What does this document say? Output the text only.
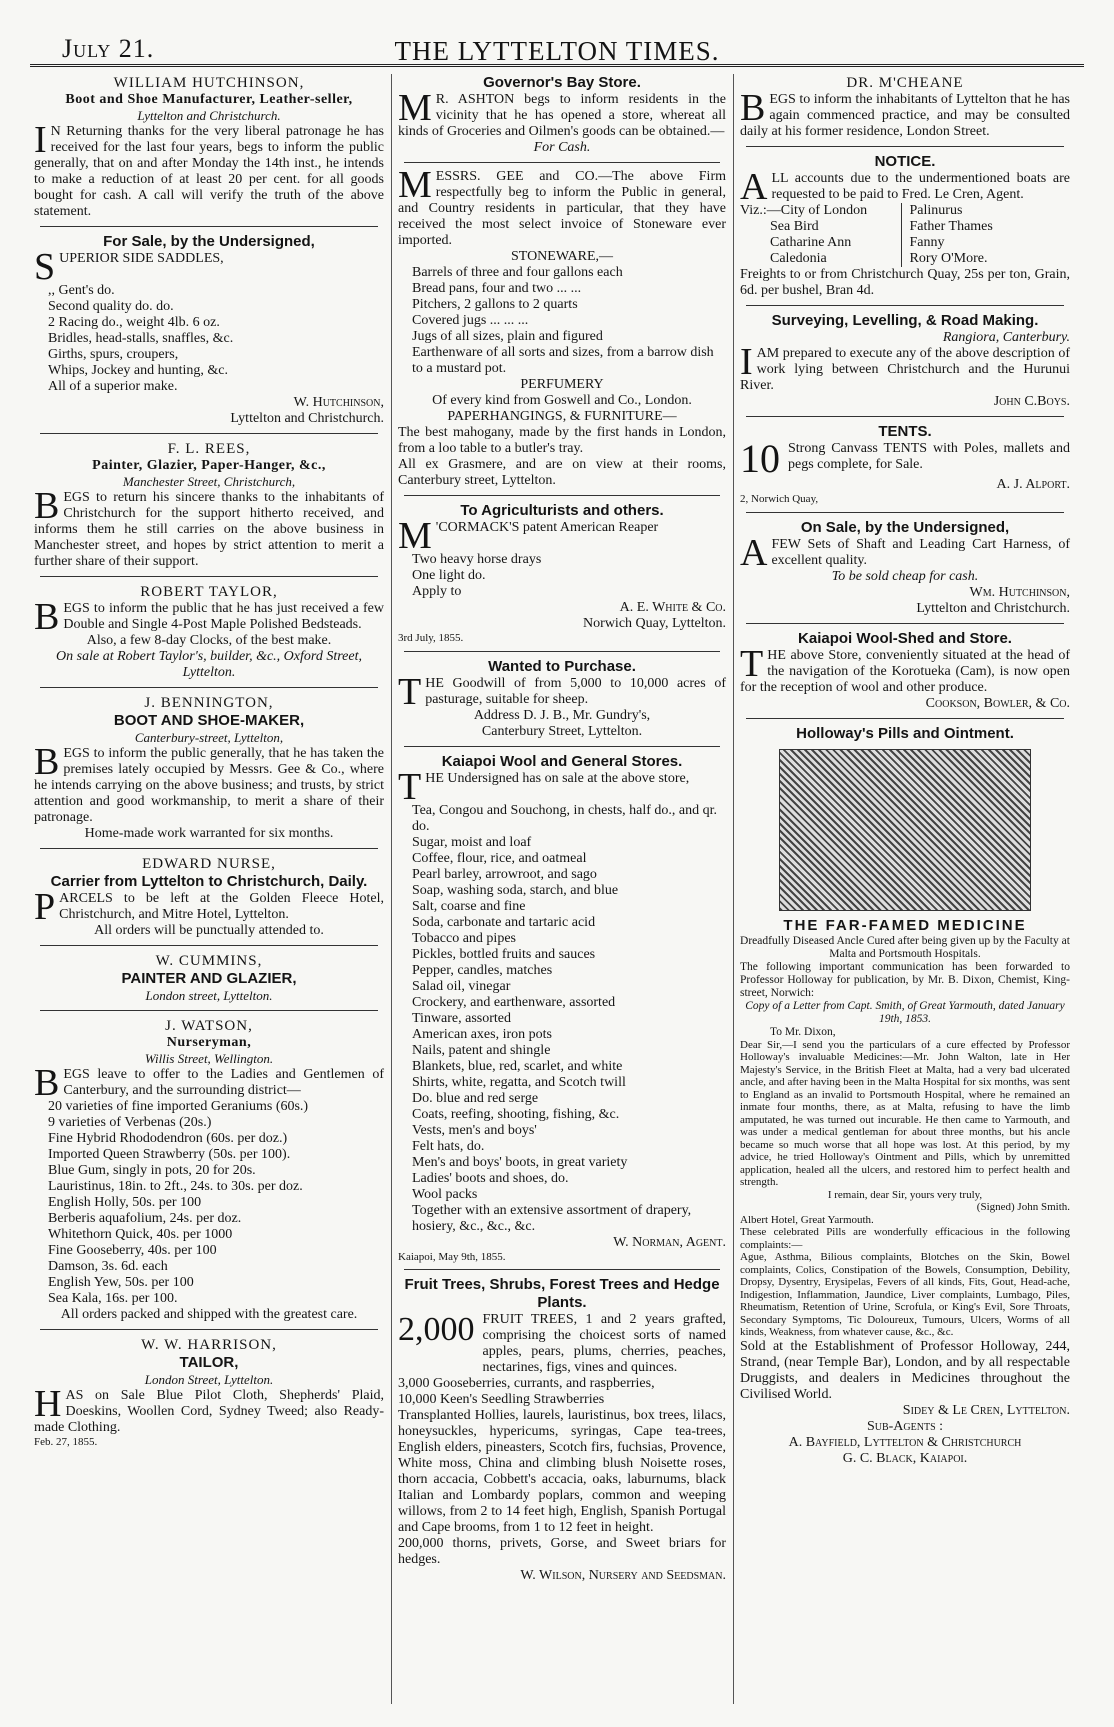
July 21.	THE LYTTELTON TIMES.
WILLIAM HUTCHINSON,
Boot and Shoe Manufacturer, Leather-seller,
Lyttelton and Christchurch.

I N Returning thanks for the very liberal patronage he has received for the last four years, begs to inform the public generally, that on and after Monday the 14th inst., he intends to make a reduction of at least 20 per cent. for all goods bought for cash. A call will verify the truth of the above statement.

For Sale, by the Undersigned,

SUPERIOR SIDE SADDLES,

,, Gent's do.
Second quality do. do.
2 Racing do., weight 4lb. 6 oz.
Bridles, head-stalls, snaffles, &c.
Girths, spurs, croupers,
Whips, Jockey and hunting, &c.
All of a superior make.
W. Hutchinson,
Lyttelton and Christchurch.
F. L. REES,
Painter, Glazier, Paper-Hanger, &c.,
Manchester Street, Christchurch,

BEGS to return his sincere thanks to the inhabitants of Christchurch for the support hitherto received, and informs them he still carries on the above business in Manchester street, and hopes by strict attention to merit a further share of their support.

ROBERT TAYLOR,

BEGS to inform the public that he has just received a few Double and Single 4-Post Maple Polished Bedsteads.

Also, a few 8-day Clocks, of the best make.
On sale at Robert Taylor's, builder, &c., Oxford Street, Lyttelton.
J. BENNINGTON,
BOOT AND SHOE-MAKER,
Canterbury-street, Lyttelton,

BEGS to inform the public generally, that he has taken the premises lately occupied by Messrs. Gee & Co., where he intends carrying on the above business; and trusts, by strict attention and good workmanship, to merit a share of their patronage.

Home-made work warranted for six months.
EDWARD NURSE,
Carrier from Lyttelton to Christchurch, Daily.

PARCELS to be left at the Golden Fleece Hotel, Christchurch, and Mitre Hotel, Lyttelton.

All orders will be punctually attended to.
W. CUMMINS,
PAINTER AND GLAZIER,
London street, Lyttelton.
J. WATSON,
Nurseryman,
Willis Street, Wellington.

BEGS leave to offer to the Ladies and Gentlemen of Canterbury, and the surrounding district—

20 varieties of fine imported Geraniums (60s.)
9 varieties of Verbenas (20s.)
Fine Hybrid Rhododendron (60s. per doz.)
Imported Queen Strawberry (50s. per 100).
Blue Gum, singly in pots, 20 for 20s.
Lauristinus, 18in. to 2ft., 24s. to 30s. per doz.
English Holly, 50s. per 100
Berberis aquafolium, 24s. per doz.
Whitethorn Quick, 40s. per 1000
Fine Gooseberry, 40s. per 100
Damson, 3s. 6d. each
English Yew, 50s. per 100
Sea Kala, 16s. per 100.
All orders packed and shipped with the greatest care.
W. W. HARRISON,
TAILOR,
London Street, Lyttelton.

HAS on Sale Blue Pilot Cloth, Shepherds' Plaid, Doeskins, Woollen Cord, Sydney Tweed; also Ready-made Clothing.

Feb. 27, 1855.
Governor's Bay Store.

M R. ASHTON begs to inform residents in the vicinity that he has opened a store, whereat all kinds of Groceries and Oilmen's goods can be obtained.—

For Cash.

MESSRS. GEE and CO.—The above Firm respectfully beg to inform the Public in general, and Country residents in particular, that they have received the most select invoice of Stoneware ever imported.

STONEWARE,—
Barrels of three and four gallons each
Bread pans, four and two ... ...
Pitchers, 2 gallons to 2 quarts
Covered jugs ... ... ...
Jugs of all sizes, plain and figured
Earthenware of all sorts and sizes, from a barrow dish to a mustard pot.
PERFUMERY
Of every kind from Goswell and Co., London.
PAPERHANGINGS, & FURNITURE—

The best mahogany, made by the first hands in London, from a loo table to a butler's tray.

All ex Grasmere, and are on view at their rooms, Canterbury street, Lyttelton.

To Agriculturists and others.

M 'CORMACK'S patent American Reaper

Two heavy horse drays
One light do.
Apply to
A. E. White & Co.
Norwich Quay, Lyttelton.
3rd July, 1855.
Wanted to Purchase.

THE Goodwill of from 5,000 to 10,000 acres of pasturage, suitable for sheep.

Address D. J. B., Mr. Gundry's,
Canterbury Street, Lyttelton.
Kaiapoi Wool and General Stores.

THE Undersigned has on sale at the above store,

Tea, Congou and Souchong, in chests, half do., and qr. do.
Sugar, moist and loaf
Coffee, flour, rice, and oatmeal
Pearl barley, arrowroot, and sago
Soap, washing soda, starch, and blue
Salt, coarse and fine
Soda, carbonate and tartaric acid
Tobacco and pipes
Pickles, bottled fruits and sauces
Pepper, candles, matches
Salad oil, vinegar
Crockery, and earthenware, assorted
Tinware, assorted
American axes, iron pots
Nails, patent and shingle
Blankets, blue, red, scarlet, and white
Shirts, white, regatta, and Scotch twill
Do. blue and red serge
Coats, reefing, shooting, fishing, &c.
Vests, men's and boys'
Felt hats, do.
Men's and boys' boots, in great variety
Ladies' boots and shoes, do.
Wool packs
Together with an extensive assortment of drapery, hosiery, &c., &c., &c.
W. Norman, Agent.
Kaiapoi, May 9th, 1855.
Fruit Trees, Shrubs, Forest Trees and Hedge Plants.
2,000 FRUIT TREES, 1 and 2 years grafted, comprising the choicest sorts of named apples, pears, plums, cherries, peaches, nectarines, figs, vines and quinces.

3,000 Gooseberries, currants, and raspberries,
10,000 Keen's Seedling Strawberries

Transplanted Hollies, laurels, lauristinus, box trees, lilacs, honeysuckles, hypericums, syringas, Cape tea-trees, English elders, pineasters, Scotch firs, fuchsias, Provence, White moss, China and climbing blush Noisette roses, thorn accacia, Cobbett's accacia, oaks, laburnums, black Italian and Lombardy poplars, common and weeping willows, from 2 to 14 feet high, English, Spanish Portugal and Cape brooms, from 1 to 12 feet in height.

200,000 thorns, privets, Gorse, and Sweet briars for hedges.

W. Wilson, Nursery and Seedsman.
DR. M'CHEANE

BEGS to inform the inhabitants of Lyttelton that he has again commenced practice, and may be consulted daily at his former residence, London Street.

NOTICE.

ALL accounts due to the undermentioned boats are requested to be paid to Fred. Le Cren, Agent.

Viz.:—City of London
Sea Bird
Catharine Ann
Caledonia
Palinurus
Father Thames
Fanny
Rory O'More.

Freights to or from Christchurch Quay, 25s per ton, Grain, 6d. per bushel, Bran 4d.

Surveying, Levelling, & Road Making.
Rangiora, Canterbury.

IAM prepared to execute any of the above description of work lying between Christchurch and the Hurunui River.

John C.Boys.
TENTS.
10 Strong Canvass TENTS with Poles, mallets and pegs complete, for Sale.

A. J. Alport.
2, Norwich Quay,
On Sale, by the Undersigned,

AFEW Sets of Shaft and Leading Cart Harness, of excellent quality.

To be sold cheap for cash.
Wm. Hutchinson,
Lyttelton and Christchurch.
Kaiapoi Wool-Shed and Store.

THE above Store, conveniently situated at the head of the navigation of the Korotueka (Cam), is now open for the reception of wool and other produce.

Cookson, Bowler, & Co.
Holloway's Pills and Ointment.
THE FAR-FAMED MEDICINE
Dreadfully Diseased Ancle Cured after being given up by the Faculty at Malta and Portsmouth Hospitals.

The following important communication has been forwarded to Professor Holloway for publication, by Mr. B. Dixon, Chemist, King-street, Norwich:

Copy of a Letter from Capt. Smith, of Great Yarmouth, dated January 19th, 1853.
To Mr. Dixon,

Dear Sir,—I send you the particulars of a cure effected by Professor Holloway's invaluable Medicines:—Mr. John Walton, late in Her Majesty's Service, in the British Fleet at Malta, had a very bad ulcerated ancle, and after having been in the Malta Hospital for six months, was sent to England as an invalid to Portsmouth Hospital, where he remained an inmate four months, there, as at Malta, refusing to have the limb amputated, he was turned out incurable. He then came to Yarmouth, and was under a medical gentleman for about three months, but his ancle became so much worse that all hope was lost. At this period, by my advice, he tried Holloway's Ointment and Pills, which by unremitted application, healed all the ulcers, and restored him to perfect health and strength.

I remain, dear Sir, yours very truly,
(Signed) John Smith.
Albert Hotel, Great Yarmouth.

These celebrated Pills are wonderfully efficacious in the following complaints:—

Ague, Asthma, Bilious complaints, Blotches on the Skin, Bowel complaints, Colics, Constipation of the Bowels, Consumption, Debility, Dropsy, Dysentry, Erysipelas, Fevers of all kinds, Fits, Gout, Head-ache, Indigestion, Inflammation, Jaundice, Liver complaints, Lumbago, Piles, Rheumatism, Retention of Urine, Scrofula, or King's Evil, Sore Throats, Secondary Symptoms, Tic Doloureux, Tumours, Ulcers, Worms of all kinds, Weakness, from whatever cause, &c., &c.

Sold at the Establishment of Professor Holloway, 244, Strand, (near Temple Bar), London, and by all respectable Druggists, and dealers in Medicines throughout the Civilised World.

Sidey & Le Cren, Lyttelton.
Sub-Agents :
A. Bayfield, Lyttelton & Christchurch
G. C. Black, Kaiapoi.
